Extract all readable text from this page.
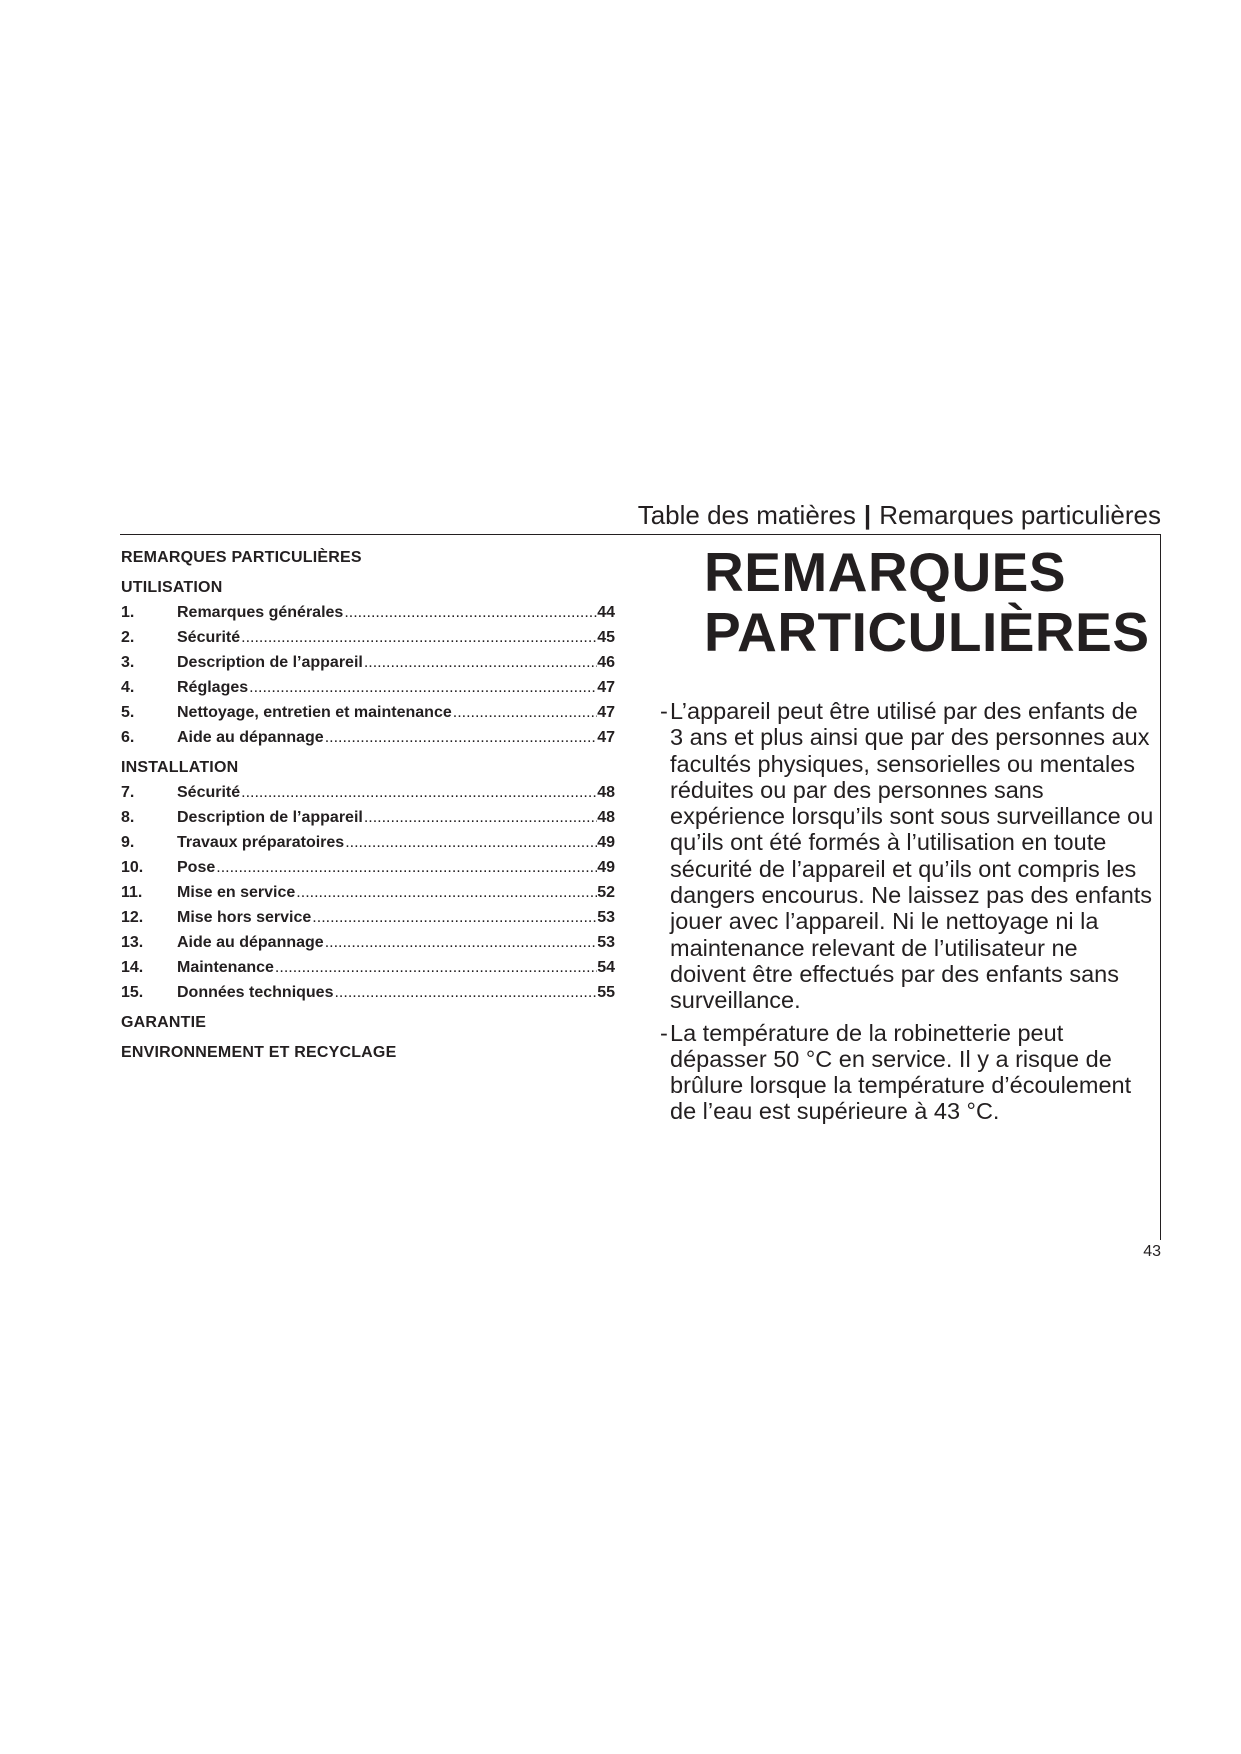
Table des matières | Remarques particulières
REMARQUES PARTICULIÈRES
UTILISATION
1.	Remarques générales .....	44
2.	Sécurité .....	45
3.	Description de l’appareil .....	46
4.	Réglages .....	47
5.	Nettoyage, entretien et maintenance .....	47
6.	Aide au dépannage .....	47
INSTALLATION
7.	Sécurité .....	48
8.	Description de l’appareil .....	48
9.	Travaux préparatoires .....	49
10.	Pose .....	49
11.	Mise en service .....	52
12.	Mise hors service .....	53
13.	Aide au dépannage .....	53
14.	Maintenance .....	54
15.	Données techniques .....	55
GARANTIE
ENVIRONNEMENT ET RECYCLAGE
REMARQUES
PARTICULIÈRES
- L’appareil peut être utilisé par des enfants de 3 ans et plus ainsi que par des personnes aux facultés physiques, sensorielles ou mentales réduites ou par des personnes sans expérience lorsqu’ils sont sous surveillance ou qu’ils ont été formés à l’utilisation en toute sécurité de l’appareil et qu’ils ont compris les dangers encourus. Ne laissez pas des enfants jouer avec l’appareil. Ni le nettoyage ni la maintenance relevant de l’utilisateur ne doivent être effectués par des enfants sans surveillance.
- La température de la robinetterie peut dépasser 50 °C en service. Il y a risque de brûlure lorsque la température d’écoulement de l’eau est supérieure à 43 °C.
43
